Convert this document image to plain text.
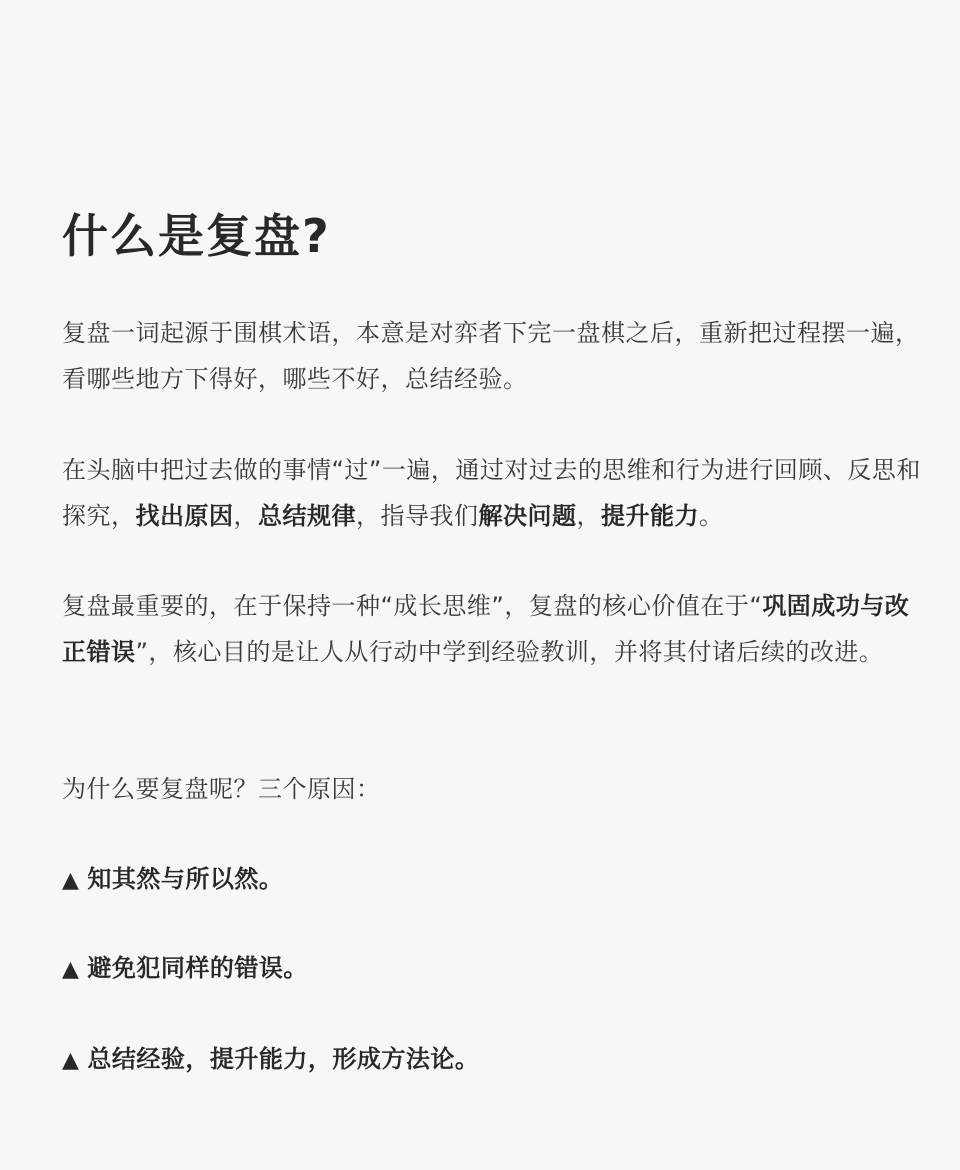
什么是复盘?

复盘一词起源于围棋术语，本意是对弈者下完一盘棋之后，重新把过程摆一遍，看哪些地方下得好，哪些不好，总结经验。

在头脑中把过去做的事情“过”一遍，通过对过去的思维和行为进行回顾、反思和探究，找出原因，总结规律，指导我们解决问题，提升能力。

复盘最重要的，在于保持一种“成长思维”，复盘的核心价值在于“巩固成功与改正错误”，核心目的是让人从行动中学到经验教训，并将其付诸后续的改进。

为什么要复盘呢？三个原因：

▲ 知其然与所以然。

▲ 避免犯同样的错误。

▲ 总结经验，提升能力，形成方法论。
